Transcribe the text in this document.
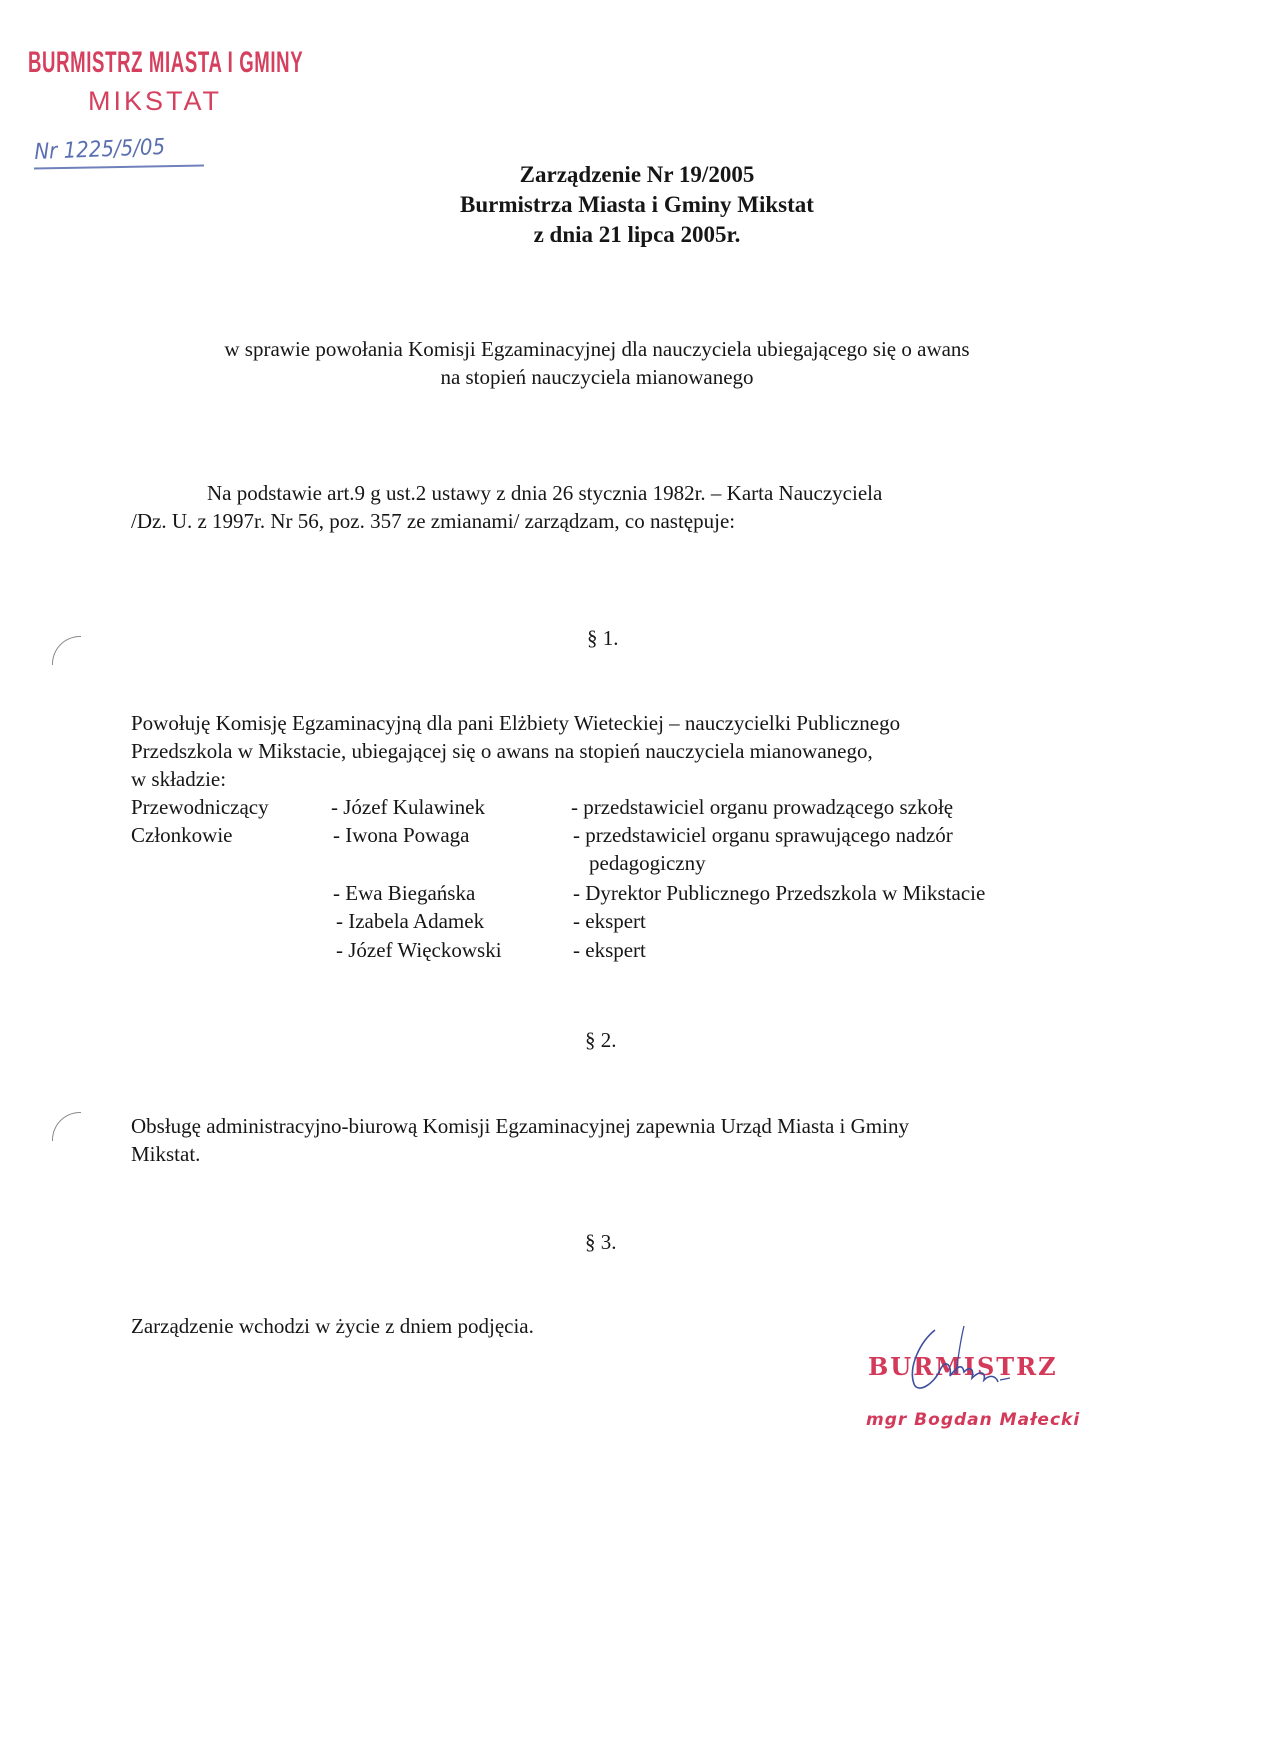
BURMISTRZ MIASTA I GMINY
MIKSTAT
Nr 1225/5/05
Zarządzenie Nr 19/2005
Burmistrza Miasta i Gminy Mikstat
z dnia 21 lipca 2005r.
w sprawie powołania Komisji Egzaminacyjnej dla nauczyciela ubiegającego się o awans
na stopień nauczyciela mianowanego
Na podstawie art.9 g ust.2 ustawy z dnia 26 stycznia 1982r. – Karta Nauczyciela
/Dz. U. z 1997r. Nr 56, poz. 357 ze zmianami/ zarządzam, co następuje:
§ 1.
Powołuję Komisję Egzaminacyjną dla pani Elżbiety Wieteckiej – nauczycielki Publicznego
Przedszkola w Mikstacie, ubiegającej się o awans na stopień nauczyciela mianowanego,
w składzie:
Przewodniczący	- Józef Kulawinek	- przedstawiciel organu prowadzącego szkołę
Członkowie	- Iwona Powaga	- przedstawiciel organu sprawującego nadzór
pedagogiczny
- Ewa Biegańska	- Dyrektor Publicznego Przedszkola w Mikstacie
- Izabela Adamek	- ekspert
- Józef Więckowski	- ekspert
§ 2.
Obsługę administracyjno-biurową Komisji Egzaminacyjnej zapewnia Urząd Miasta i Gminy
Mikstat.
§ 3.
Zarządzenie wchodzi w życie z dniem podjęcia.
BURMISTRZ
mgr Bogdan Małecki
